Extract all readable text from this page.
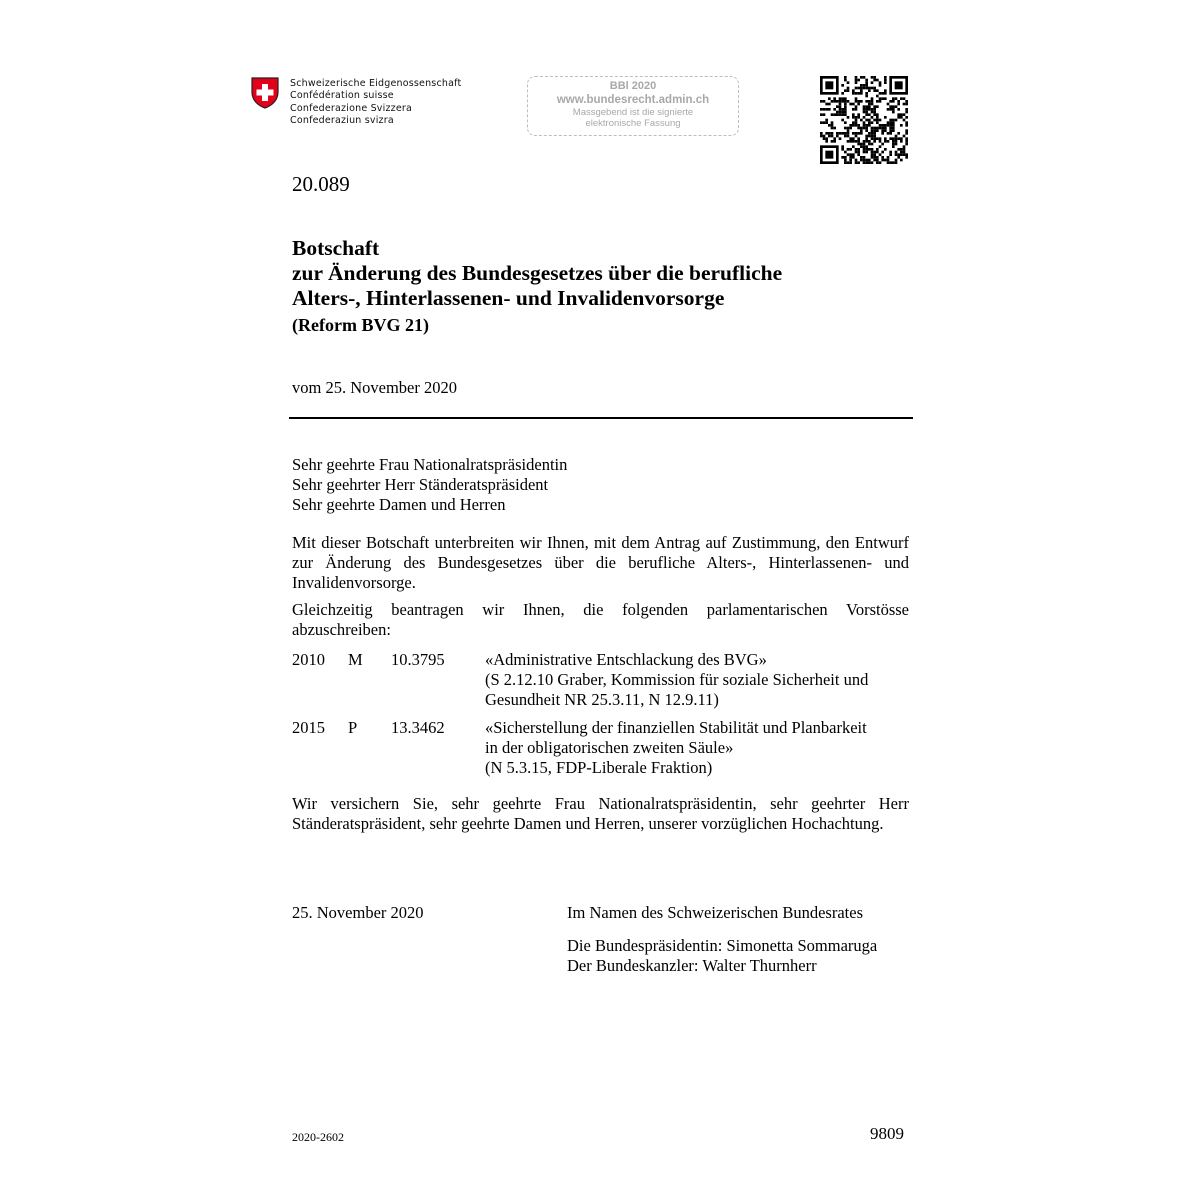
Schweizerische Eidgenossenschaft
Confédération suisse
Confederazione Svizzera
Confederaziun svizra
BBl 2020
www.bundesrecht.admin.ch
Massgebend ist die signierte
elektronische Fassung
20.089
Botschaft
zur Änderung des Bundesgesetzes über die berufliche
Alters-, Hinterlassenen- und Invalidenvorsorge
(Reform BVG 21)
vom 25. November 2020
Sehr geehrte Frau Nationalratspräsidentin
Sehr geehrter Herr Ständeratspräsident
Sehr geehrte Damen und Herren
Mit dieser Botschaft unterbreiten wir Ihnen, mit dem Antrag auf Zustimmung, den Entwurf zur Änderung des Bundesgesetzes über die berufliche Alters-, Hinterlassenen- und Invalidenvorsorge.
Gleichzeitig beantragen wir Ihnen, die folgenden parlamentarischen Vorstösse abzuschreiben:
2010 M 10.3795 «Administrative Entschlackung des BVG»
(S 2.12.10 Graber, Kommission für soziale Sicherheit und
Gesundheit NR 25.3.11, N 12.9.11)
2015 P 13.3462 «Sicherstellung der finanziellen Stabilität und Planbarkeit
in der obligatorischen zweiten Säule»
(N 5.3.15, FDP-Liberale Fraktion)
Wir versichern Sie, sehr geehrte Frau Nationalratspräsidentin, sehr geehrter Herr Ständeratspräsident, sehr geehrte Damen und Herren, unserer vorzüglichen Hochachtung.
25. November 2020	Im Namen des Schweizerischen Bundesrates
Die Bundespräsidentin: Simonetta Sommaruga
Der Bundeskanzler: Walter Thurnherr
2020-2602	9809
